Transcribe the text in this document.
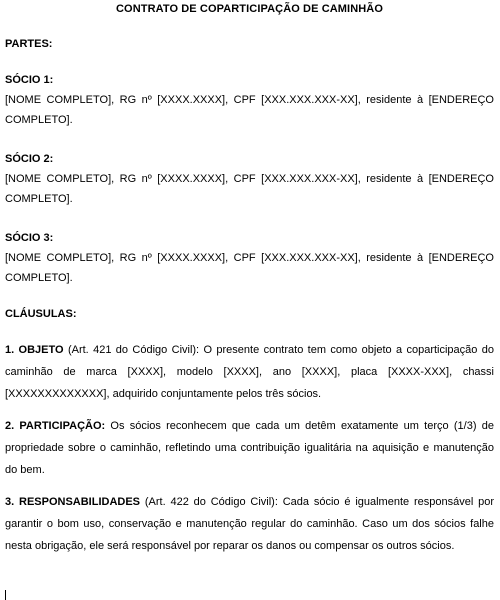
CONTRATO DE COPARTICIPAÇÃO DE CAMINHÃO
PARTES:
SÓCIO 1:

[NOME COMPLETO], RG nº [XXXX.XXXX], CPF [XXX.XXX.XXX-XX], residente à [ENDEREÇO COMPLETO].

SÓCIO 2:

[NOME COMPLETO], RG nº [XXXX.XXXX], CPF [XXX.XXX.XXX-XX], residente à [ENDEREÇO COMPLETO].

SÓCIO 3:

[NOME COMPLETO], RG nº [XXXX.XXXX], CPF [XXX.XXX.XXX-XX], residente à [ENDEREÇO COMPLETO].

CLÁUSULAS:

1. OBJETO (Art. 421 do Código Civil): O presente contrato tem como objeto a coparticipação do caminhão de marca [XXXX], modelo [XXXX], ano [XXXX], placa [XXXX-XXX], chassi [XXXXXXXXXXXXX], adquirido conjuntamente pelos três sócios.

2. PARTICIPAÇÃO: Os sócios reconhecem que cada um detêm exatamente um terço (1/3) de propriedade sobre o caminhão, refletindo uma contribuição igualitária na aquisição e manutenção do bem.

3. RESPONSABILIDADES (Art. 422 do Código Civil): Cada sócio é igualmente responsável por garantir o bom uso, conservação e manutenção regular do caminhão. Caso um dos sócios falhe nesta obrigação, ele será responsável por reparar os danos ou compensar os outros sócios.
